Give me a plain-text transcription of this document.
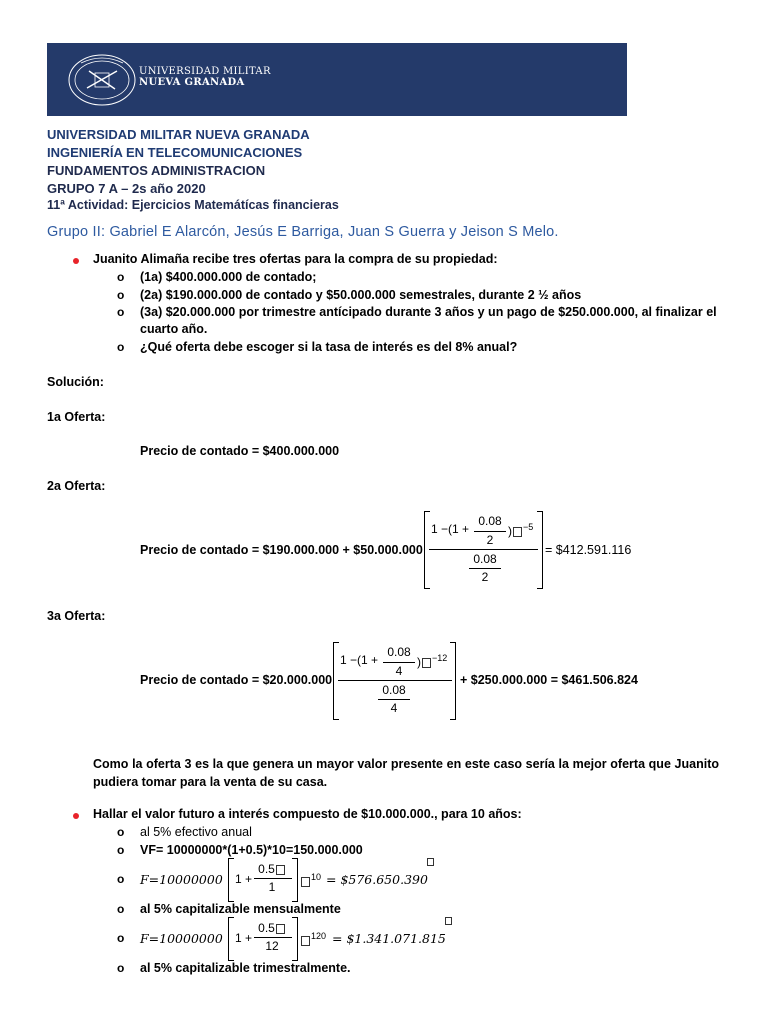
UNIVERSIDAD MILITAR
NUEVA GRANADA
UNIVERSIDAD MILITAR NUEVA GRANADA
INGENIERÍA EN TELECOMUNICACIONES
FUNDAMENTOS ADMINISTRACION
GRUPO 7 A – 2s año 2020
11ª Actividad: Ejercicios Matemátícas financieras
Grupo II: Gabriel E Alarcón, Jesús E Barriga, Juan S Guerra y Jeison S Melo.
Juanito Alimaña recibe tres ofertas para la compra de su propiedad:
o (1a) $400.000.000 de contado;
o (2a) $190.000.000 de contado y $50.000.000 semestrales, durante 2 ½ años
o (3a) $20.000.000 por trimestre antícipado durante 3 años y un pago de $250.000.000, al finalizar el
cuarto año.
o ¿Qué oferta debe escoger si la tasa de interés es del 8% anual?
Solución:
1a Oferta:
Precio de contado = $400.000.000
2a Oferta:
Precio de contado = $190.000.000 + $50.000.000
1 −(1 +
0.08
2
) $^{-5}$
0.08
2
= $412.591.116
3a Oferta:
Precio de contado = $20.000.000
1 −(1 +
0.08
4
) $^{-12}$
0.08
4
+ $250.000.000 = $461.506.824
Como la oferta 3 es la que genera un mayor valor presente en este caso sería la mejor oferta que Juanito pudiera tomar para la venta de su casa.
Hallar el valor futuro a interés compuesto de $10.000.000., para 10 años:
o al 5% efectivo anual
o VF= 10000000*(1+0.5)*10=150.000.000
o F=10000000 1 +
0.5
1
$^{10}$ = $576.650.390
o al 5% capitalizable mensualmente
o F=10000000 1 +
0.5
12
$^{120}$ = $1.341.071.815
o al 5% capitalizable trimestralmente.
